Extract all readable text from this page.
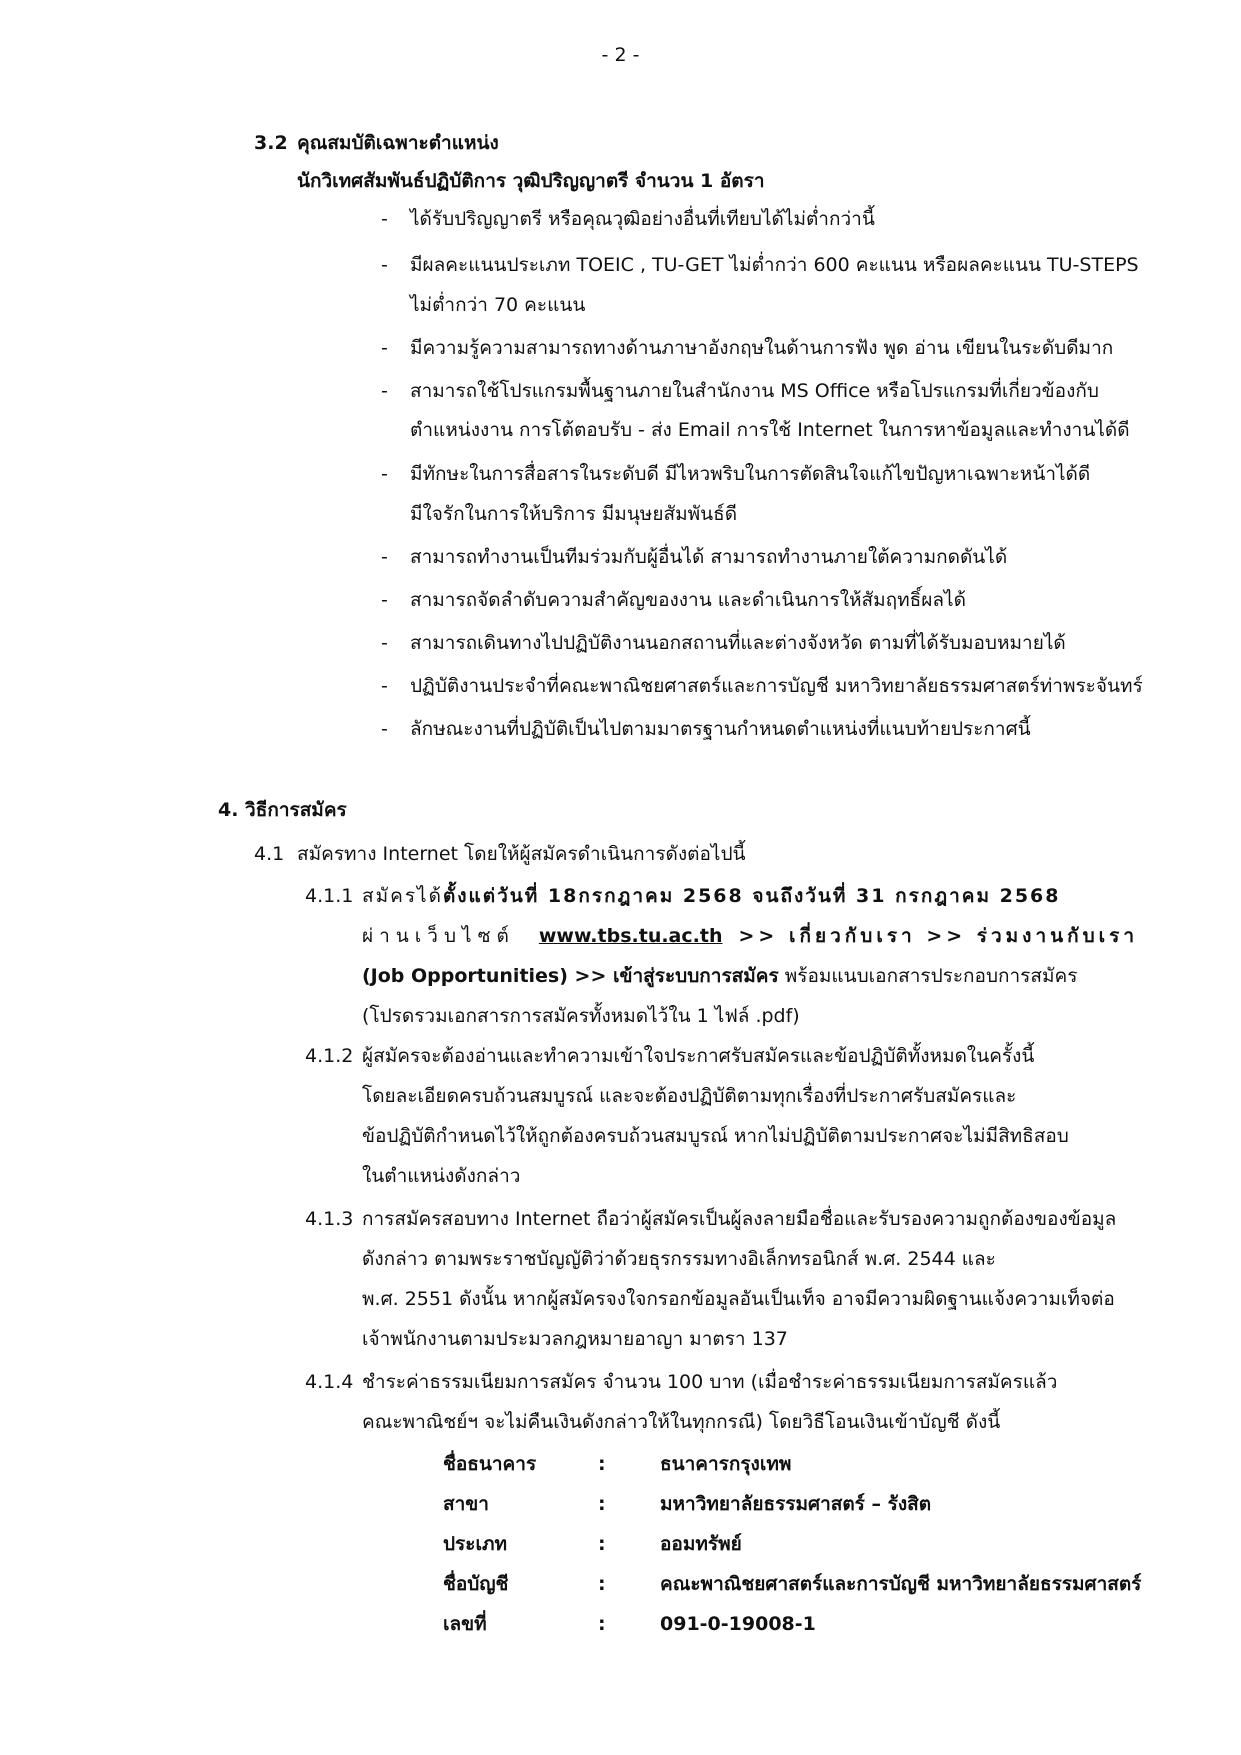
- 2 -
3.2 คุณสมบัติเฉพาะตำแหน่ง
นักวิเทศสัมพันธ์ปฏิบัติการ วุฒิปริญญาตรี จำนวน 1 อัตรา
- ได้รับปริญญาตรี หรือคุณวุฒิอย่างอื่นที่เทียบได้ไม่ต่ำกว่านี้
- มีผลคะแนนประเภท TOEIC , TU-GET ไม่ต่ำกว่า 600 คะแนน หรือผลคะแนน TU-STEPS
ไม่ต่ำกว่า 70 คะแนน
- มีความรู้ความสามารถทางด้านภาษาอังกฤษในด้านการฟัง พูด อ่าน เขียนในระดับดีมาก
- สามารถใช้โปรแกรมพื้นฐานภายในสำนักงาน MS Office หรือโปรแกรมที่เกี่ยวข้องกับ
ตำแหน่งงาน การโต้ตอบรับ - ส่ง Email การใช้ Internet ในการหาข้อมูลและทำงานได้ดี
- มีทักษะในการสื่อสารในระดับดี มีไหวพริบในการตัดสินใจแก้ไขปัญหาเฉพาะหน้าได้ดี
มีใจรักในการให้บริการ มีมนุษยสัมพันธ์ดี
- สามารถทำงานเป็นทีมร่วมกับผู้อื่นได้ สามารถทำงานภายใต้ความกดดันได้
- สามารถจัดลำดับความสำคัญของงาน และดำเนินการให้สัมฤทธิ์ผลได้
- สามารถเดินทางไปปฏิบัติงานนอกสถานที่และต่างจังหวัด ตามที่ได้รับมอบหมายได้
- ปฏิบัติงานประจำที่คณะพาณิชยศาสตร์และการบัญชี มหาวิทยาลัยธรรมศาสตร์ท่าพระจันทร์
- ลักษณะงานที่ปฏิบัติเป็นไปตามมาตรฐานกำหนดตำแหน่งที่แนบท้ายประกาศนี้
4. วิธีการสมัคร
4.1 สมัครทาง Internet โดยให้ผู้สมัครดำเนินการดังต่อไปนี้
4.1.1 สมัครได้ตั้งแต่วันที่ 18กรกฎาคม 2568 จนถึงวันที่ 31 กรกฎาคม 2568
ผ่านเว็บไซต์ www.tbs.tu.ac.th >> เกี่ยวกับเรา >> ร่วมงานกับเรา
(Job Opportunities) >> เข้าสู่ระบบการสมัคร พร้อมแนบเอกสารประกอบการสมัคร
(โปรดรวมเอกสารการสมัครทั้งหมดไว้ใน 1 ไฟล์ .pdf)
4.1.2 ผู้สมัครจะต้องอ่านและทำความเข้าใจประกาศรับสมัครและข้อปฏิบัติทั้งหมดในครั้งนี้
โดยละเอียดครบถ้วนสมบูรณ์ และจะต้องปฏิบัติตามทุกเรื่องที่ประกาศรับสมัครและ
ข้อปฏิบัติกำหนดไว้ให้ถูกต้องครบถ้วนสมบูรณ์ หากไม่ปฏิบัติตามประกาศจะไม่มีสิทธิสอบ
ในตำแหน่งดังกล่าว
4.1.3 การสมัครสอบทาง Internet ถือว่าผู้สมัครเป็นผู้ลงลายมือชื่อและรับรองความถูกต้องของข้อมูล
ดังกล่าว ตามพระราชบัญญัติว่าด้วยธุรกรรมทางอิเล็กทรอนิกส์ พ.ศ. 2544 และ
พ.ศ. 2551 ดังนั้น หากผู้สมัครจงใจกรอกข้อมูลอันเป็นเท็จ อาจมีความผิดฐานแจ้งความเท็จต่อ
เจ้าพนักงานตามประมวลกฎหมายอาญา มาตรา 137
4.1.4 ชำระค่าธรรมเนียมการสมัคร จำนวน 100 บาท (เมื่อชำระค่าธรรมเนียมการสมัครแล้ว
คณะพาณิชย์ฯ จะไม่คืนเงินดังกล่าวให้ในทุกกรณี) โดยวิธีโอนเงินเข้าบัญชี ดังนี้
ชื่อธนาคาร	:	ธนาคารกรุงเทพ
สาขา	:	มหาวิทยาลัยธรรมศาสตร์ – รังสิต
ประเภท	:	ออมทรัพย์
ชื่อบัญชี	:	คณะพาณิชยศาสตร์และการบัญชี มหาวิทยาลัยธรรมศาสตร์
เลขที่	:	091-0-19008-1
